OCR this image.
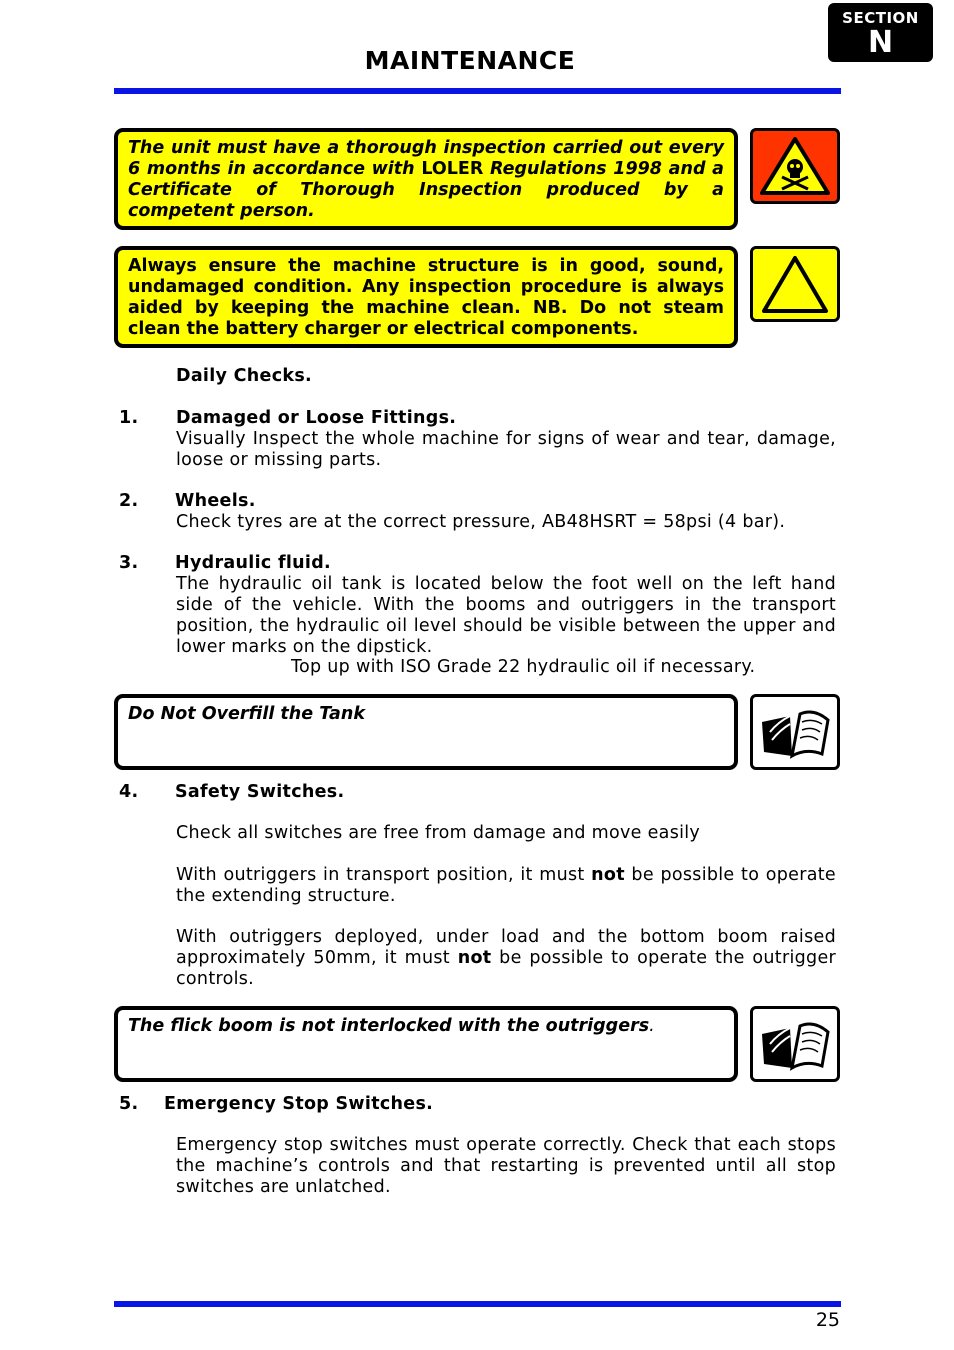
SECTION
N
MAINTENANCE
The unit must have a thorough inspection carried out every 6 months in accordance with LOLER Regulations 1998 and a Certificate of Thorough Inspection produced by a competent person.
Always ensure the machine structure is in good, sound, undamaged condition. Any inspection procedure is always aided by keeping the machine clean. NB. Do not steam clean the battery charger or electrical components.
Daily Checks.
1. Damaged or Loose Fittings.
Visually Inspect the whole machine for signs of wear and tear, damage, loose or missing parts.
2. Wheels.
Check tyres are at the correct pressure, AB48HSRT = 58psi (4 bar).
3. Hydraulic fluid.
The hydraulic oil tank is located below the foot well on the left hand side of the vehicle. With the booms and outriggers in the transport position, the hydraulic oil level should be visible between the upper and lower marks on the dipstick.
Top up with ISO Grade 22 hydraulic oil if necessary.
Do Not Overfill the Tank
4. Safety Switches.
Check all switches are free from damage and move easily
With outriggers in transport position, it must not be possible to operate the extending structure.
With outriggers deployed, under load and the bottom boom raised approximately 50mm, it must not be possible to operate the outrigger controls.
The flick boom is not interlocked with the outriggers.
5. Emergency Stop Switches.
Emergency stop switches must operate correctly. Check that each stops the machine’s controls and that restarting is prevented until all stop switches are unlatched.
25
